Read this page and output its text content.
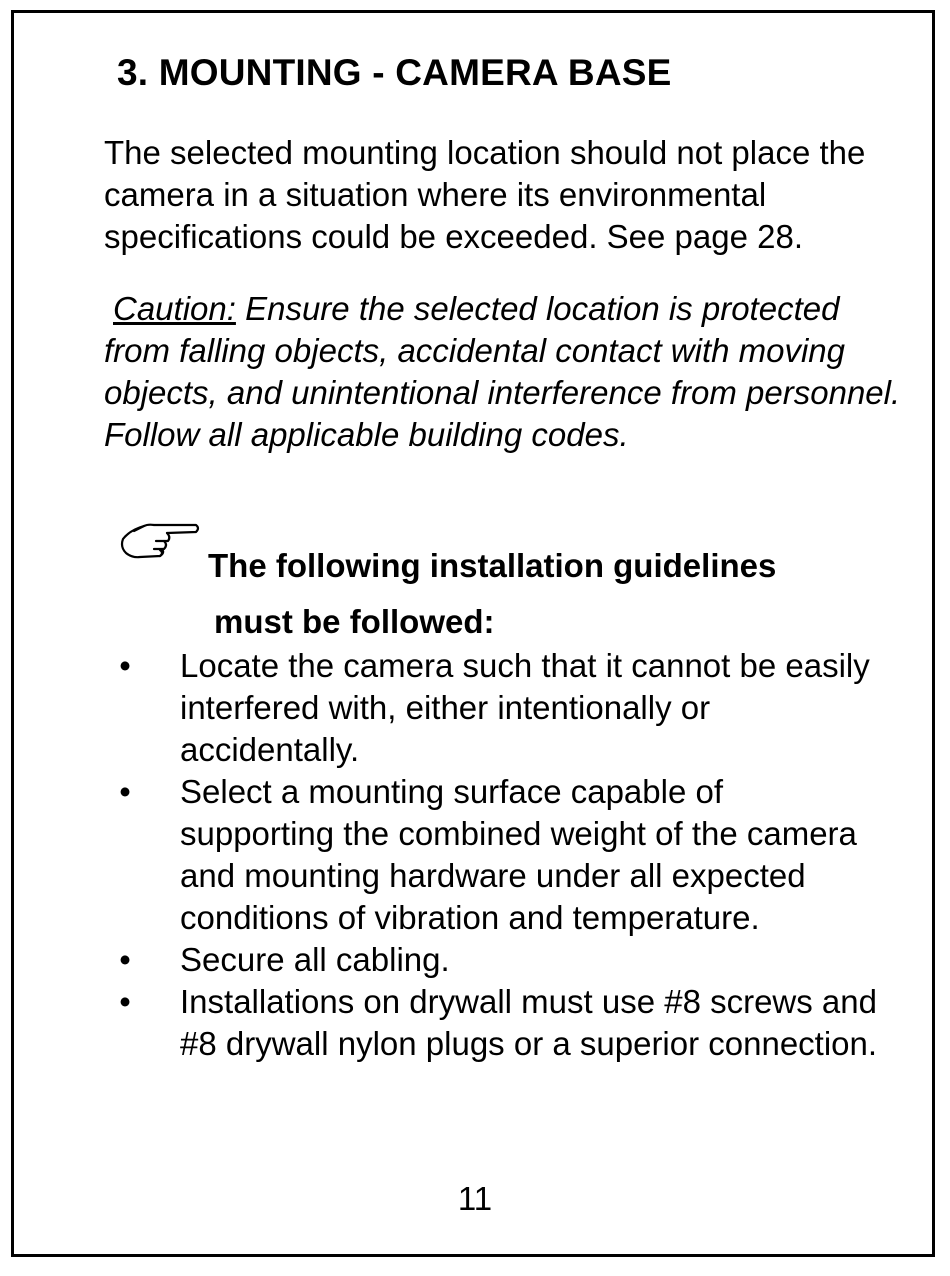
3. MOUNTING - CAMERA BASE

The selected mounting location should not place the camera in a situation where its environmental specifications could be exceeded. See page 28.

Caution: Ensure the selected location is protected from falling objects, accidental contact with moving objects, and unintentional interference from personnel. Follow all applicable building codes.

The following installation guidelines
must be followed:
• Locate the camera such that it cannot be easily interfered with, either intentionally or accidentally.
• Select a mounting surface capable of supporting the combined weight of the camera and mounting hardware under all expected conditions of vibration and temperature.
• Secure all cabling.
• Installations on drywall must use #8 screws and #8 drywall nylon plugs or a superior connection.
11
